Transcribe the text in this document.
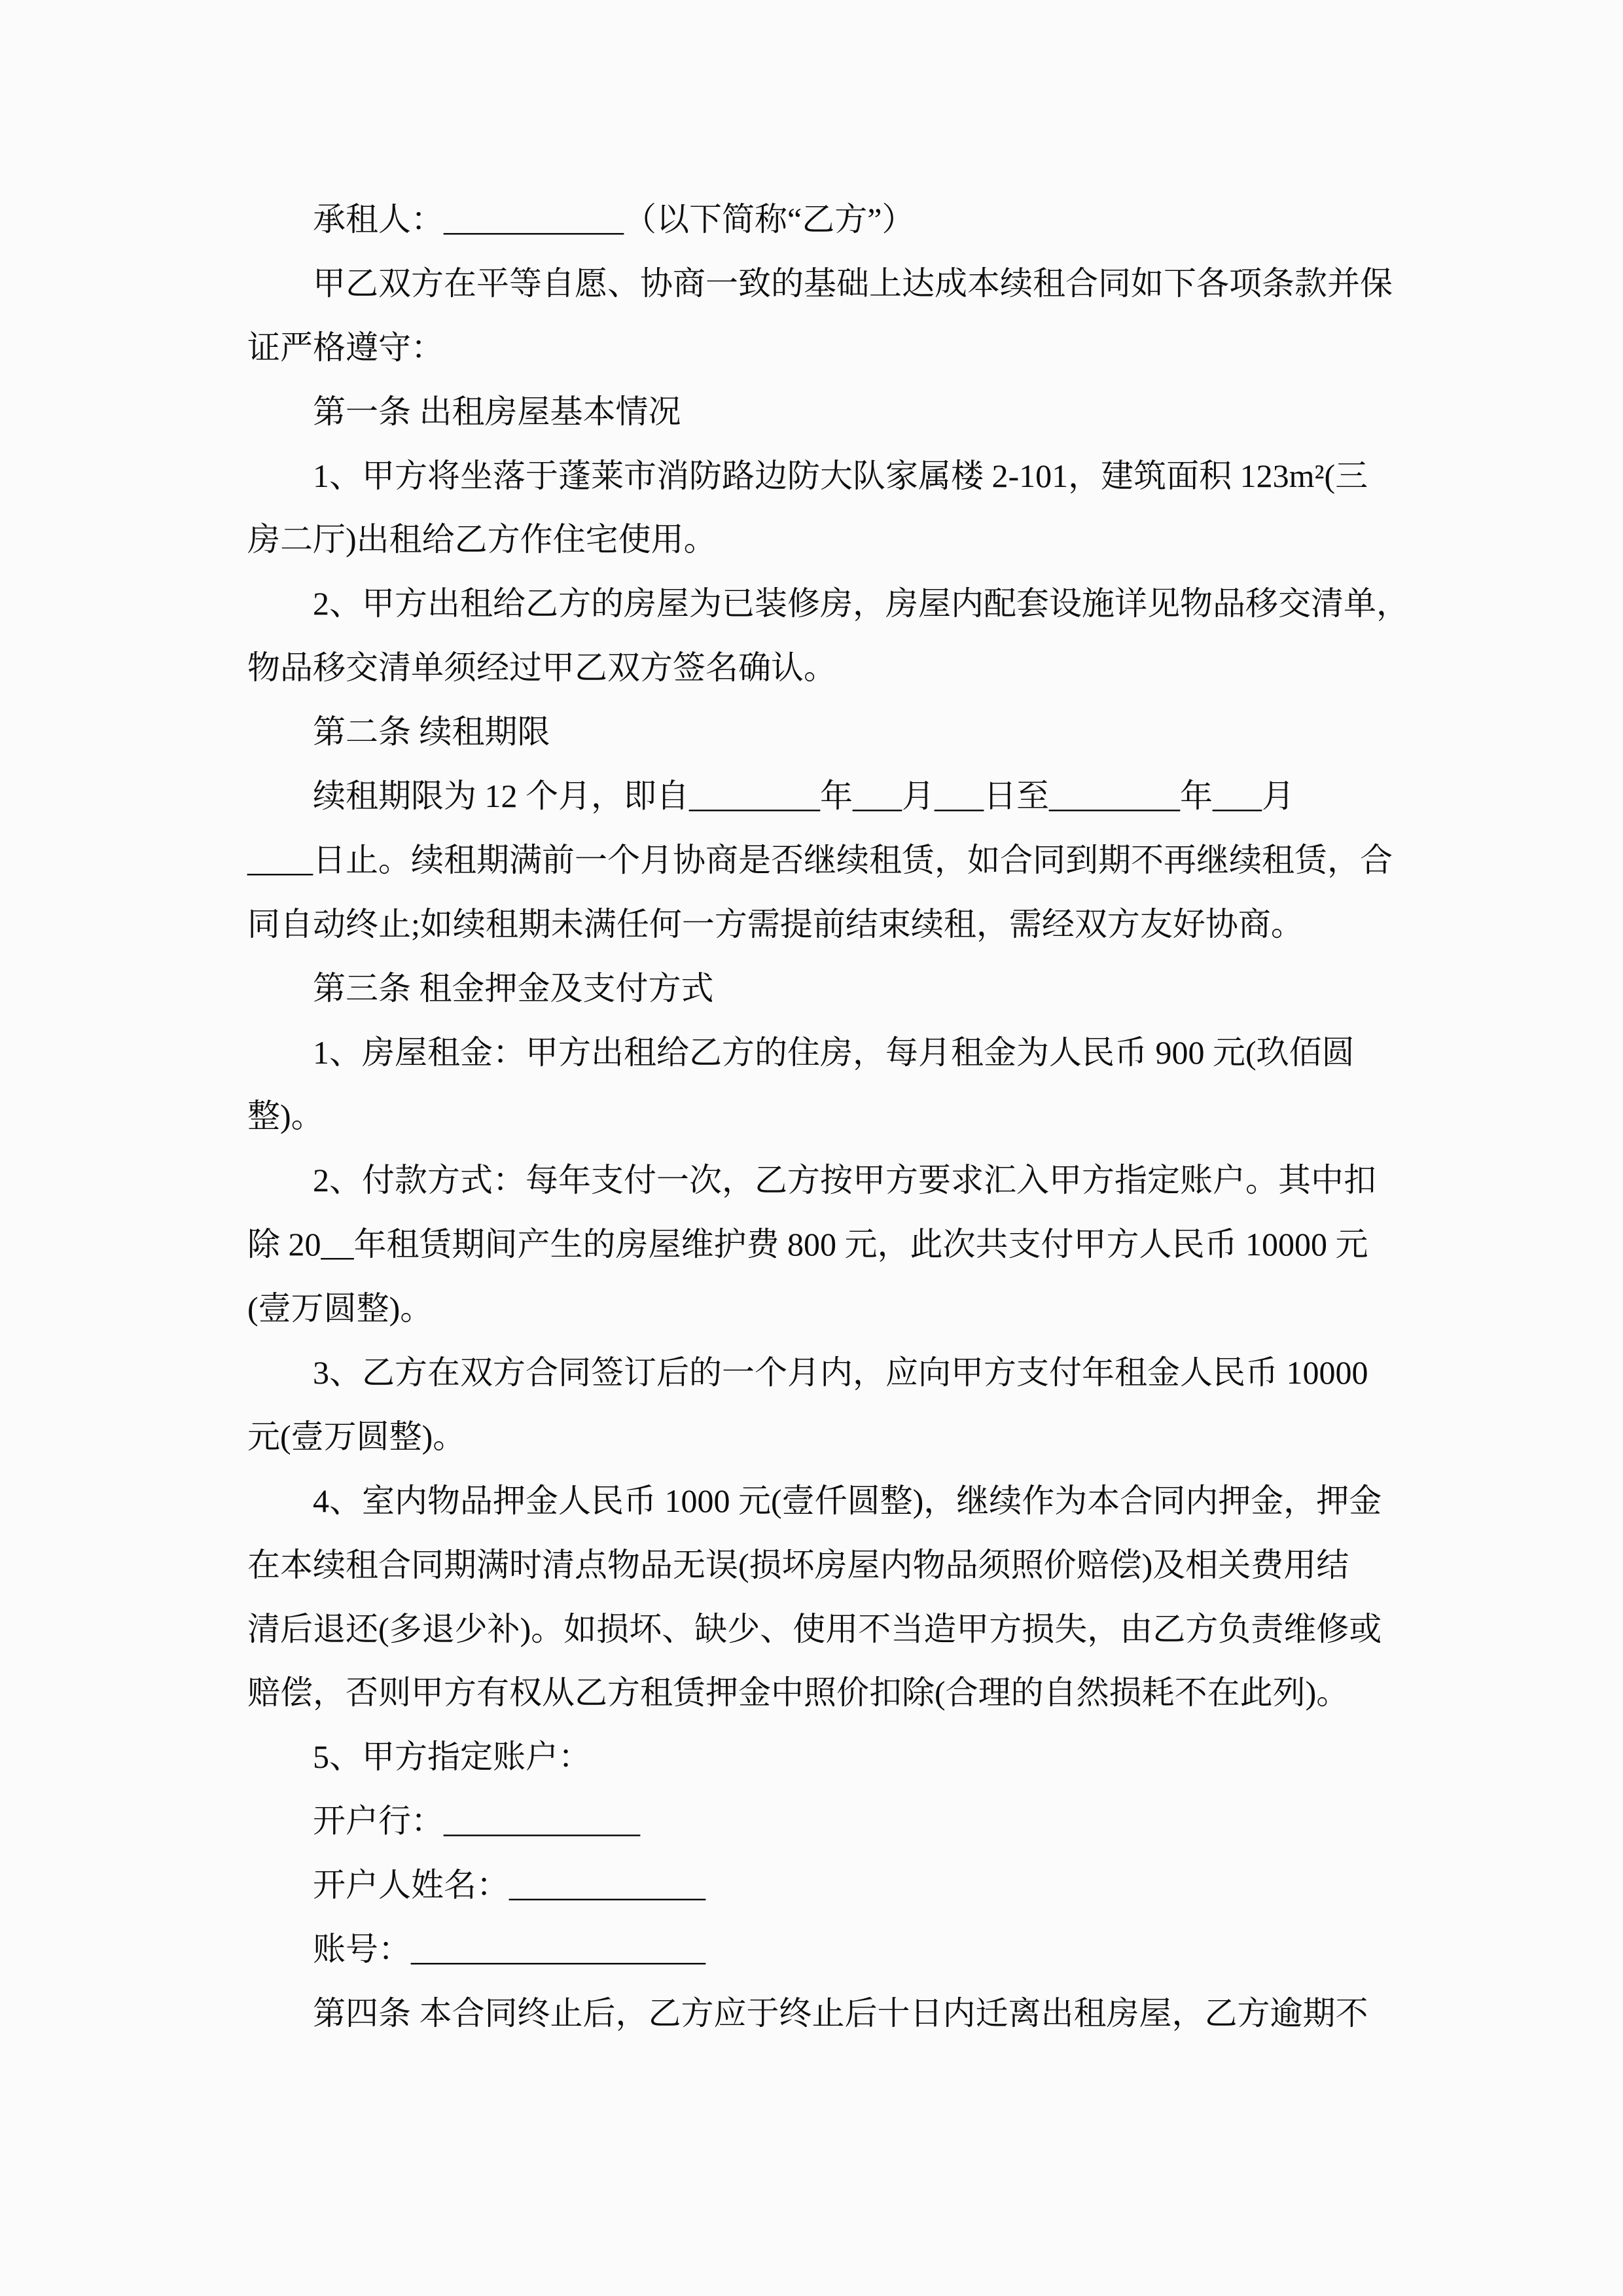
承租人：___________（以下简称“乙方”）
甲乙双方在平等自愿、协商一致的基础上达成本续租合同如下各项条款并保
证严格遵守：
第一条 出租房屋基本情况
1、甲方将坐落于蓬莱市消防路边防大队家属楼 2-101，建筑面积 123m²(三
房二厅)出租给乙方作住宅使用。
2、甲方出租给乙方的房屋为已装修房，房屋内配套设施详见物品移交清单，
物品移交清单须经过甲乙双方签名确认。
第二条 续租期限
续租期限为 12 个月，即自________年___月___日至________年___月
____日止。续租期满前一个月协商是否继续租赁，如合同到期不再继续租赁，合
同自动终止;如续租期未满任何一方需提前结束续租，需经双方友好协商。
第三条 租金押金及支付方式
1、房屋租金：甲方出租给乙方的住房，每月租金为人民币 900 元(玖佰圆
整)。
2、付款方式：每年支付一次，乙方按甲方要求汇入甲方指定账户。其中扣
除 20__年租赁期间产生的房屋维护费 800 元，此次共支付甲方人民币 10000 元
(壹万圆整)。
3、乙方在双方合同签订后的一个月内，应向甲方支付年租金人民币 10000
元(壹万圆整)。
4、室内物品押金人民币 1000 元(壹仟圆整)，继续作为本合同内押金，押金
在本续租合同期满时清点物品无误(损坏房屋内物品须照价赔偿)及相关费用结
清后退还(多退少补)。如损坏、缺少、使用不当造甲方损失，由乙方负责维修或
赔偿，否则甲方有权从乙方租赁押金中照价扣除(合理的自然损耗不在此列)。
5、甲方指定账户：
开户行：____________
开户人姓名：____________
账号：__________________
第四条 本合同终止后，乙方应于终止后十日内迁离出租房屋，乙方逾期不
